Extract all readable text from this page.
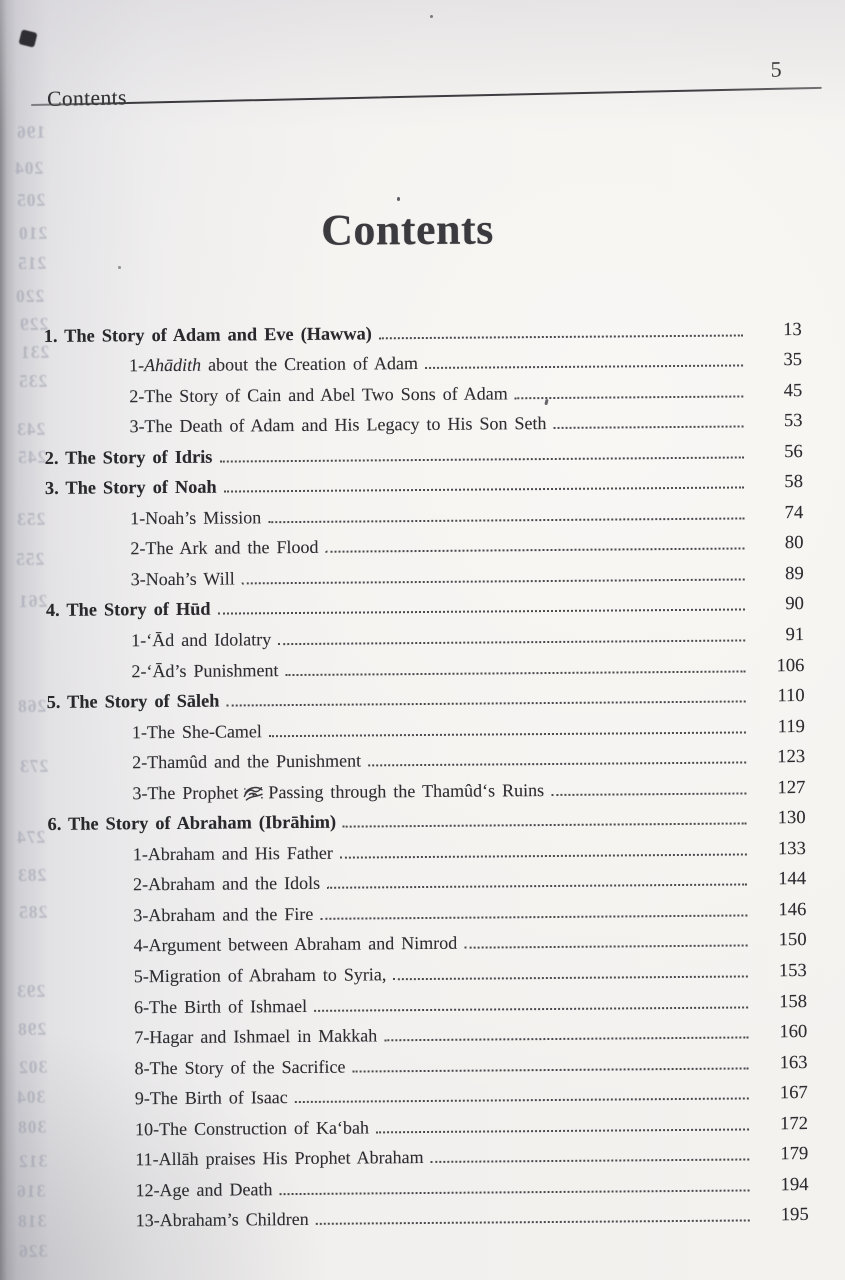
196
204
205
210
215
220
229
231
235
243
245
253
255
261
268
273
274
283
285
293
298
302
304
308
312
316
318
326
Contents
5
Contents
1. The Story of Adam and Eve (Hawwa)	13
1-Ahādith about the Creation of Adam	35
2-The Story of Cain and Abel Two Sons of Adam	45
3-The Death of Adam and His Legacy to His Son Seth	53
2. The Story of Idris	56
3. The Story of Noah	58
1-Noah’s Mission	74
2-The Ark and the Flood	80
3-Noah’s Will	89
4. The Story of Hūd	90
1-‘Ād and Idolatry	91
2-‘Ād’s Punishment	106
5. The Story of Sāleh	110
1-The She-Camel	119
2-Thamûd and the Punishment	123
3-The Prophet Passing through the Thamûd‘s Ruins	127
6. The Story of Abraham (Ibrāhim)	130
1-Abraham and His Father	133
2-Abraham and the Idols	144
3-Abraham and the Fire	146
4-Argument between Abraham and Nimrod	150
5-Migration of Abraham to Syria,	153
6-The Birth of Ishmael	158
7-Hagar and Ishmael in Makkah	160
8-The Story of the Sacrifice	163
9-The Birth of Isaac	167
10-The Construction of Ka‘bah	172
11-Allāh praises His Prophet Abraham	179
12-Age and Death	194
13-Abraham’s Children	195
